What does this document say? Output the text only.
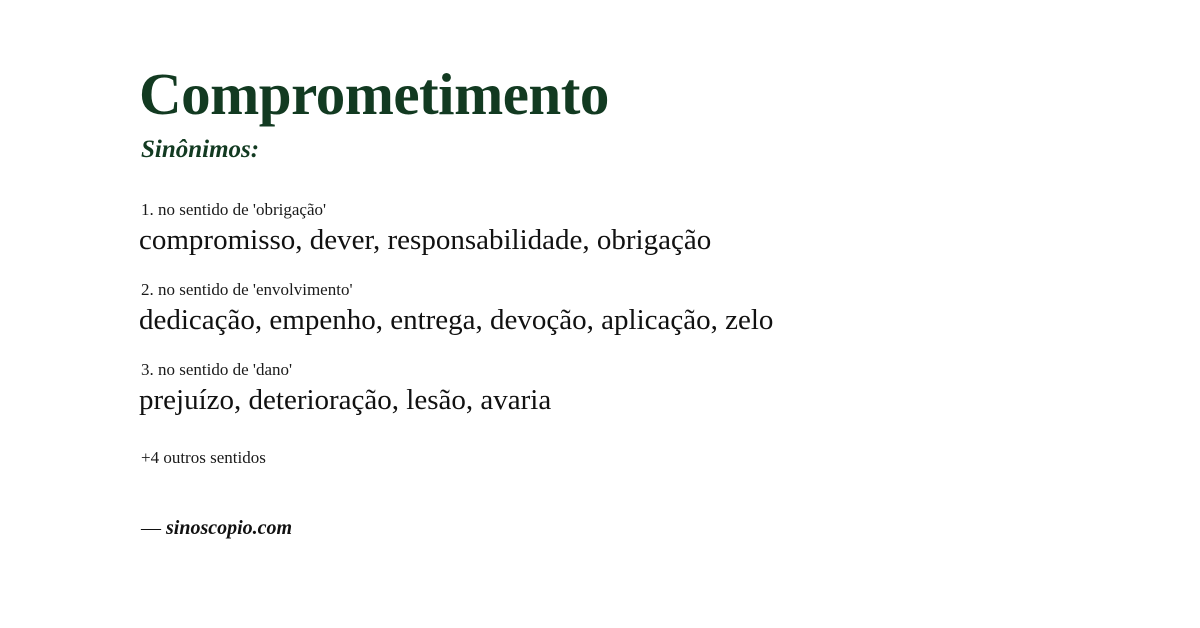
Comprometimento
Sinônimos:
1. no sentido de 'obrigação'
compromisso, dever, responsabilidade, obrigação
2. no sentido de 'envolvimento'
dedicação, empenho, entrega, devoção, aplicação, zelo
3. no sentido de 'dano'
prejuízo, deterioração, lesão, avaria
+4 outros sentidos
— sinoscopio.com
